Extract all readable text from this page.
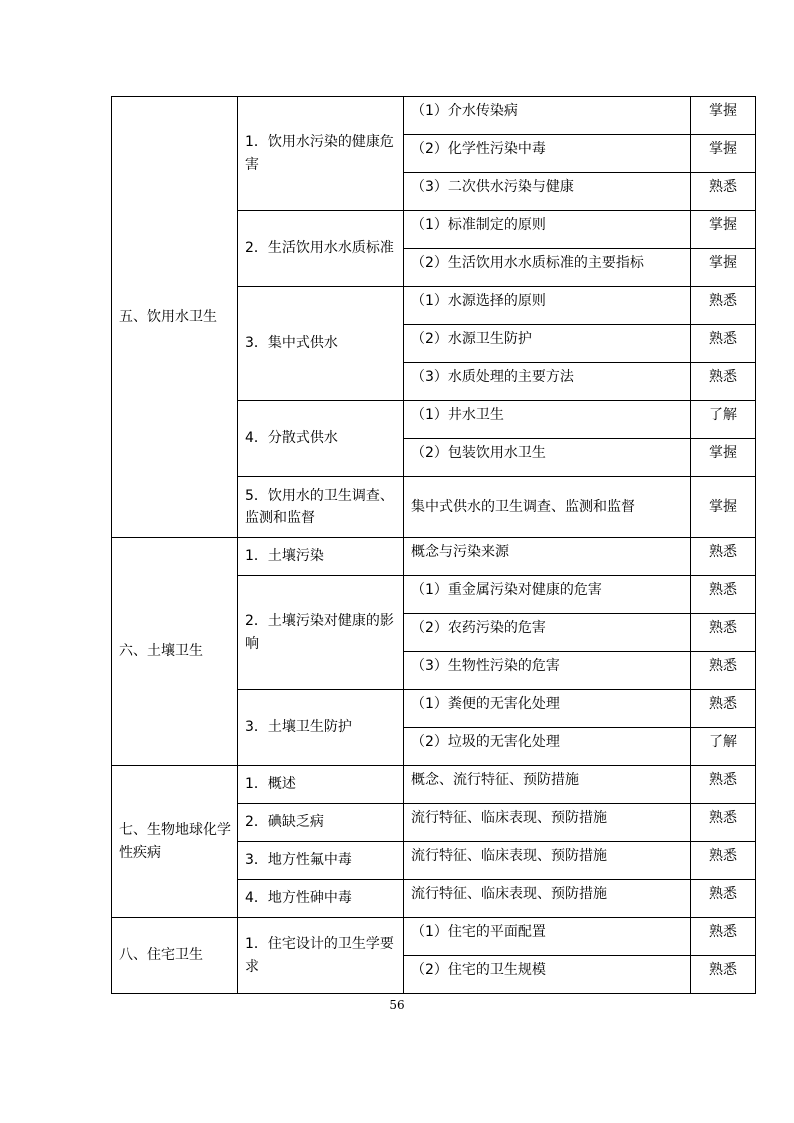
五、饮用水卫生	1．饮用水污染的健康危害	（1）介水传染病	掌握
		（2）化学性污染中毒	掌握
		（3）二次供水污染与健康	熟悉
	2．生活饮用水水质标准	（1）标准制定的原则	掌握
		（2）生活饮用水水质标准的主要指标	掌握
	3．集中式供水	（1）水源选择的原则	熟悉
		（2）水源卫生防护	熟悉
		（3）水质处理的主要方法	熟悉
	4．分散式供水	（1）井水卫生	了解
		（2）包装饮用水卫生	掌握
	5．饮用水的卫生调查、监测和监督	集中式供水的卫生调查、监测和监督	掌握
六、土壤卫生	1．土壤污染	概念与污染来源	熟悉
	2．土壤污染对健康的影响	（1）重金属污染对健康的危害	熟悉
		（2）农药污染的危害	熟悉
		（3）生物性污染的危害	熟悉
	3．土壤卫生防护	（1）粪便的无害化处理	熟悉
		（2）垃圾的无害化处理	了解
七、生物地球化学性疾病	1．概述	概念、流行特征、预防措施	熟悉
	2．碘缺乏病	流行特征、临床表现、预防措施	熟悉
	3．地方性氟中毒	流行特征、临床表现、预防措施	熟悉
	4．地方性砷中毒	流行特征、临床表现、预防措施	熟悉
八、住宅卫生	1．住宅设计的卫生学要求	（1）住宅的平面配置	熟悉
		（2）住宅的卫生规模	熟悉
56
